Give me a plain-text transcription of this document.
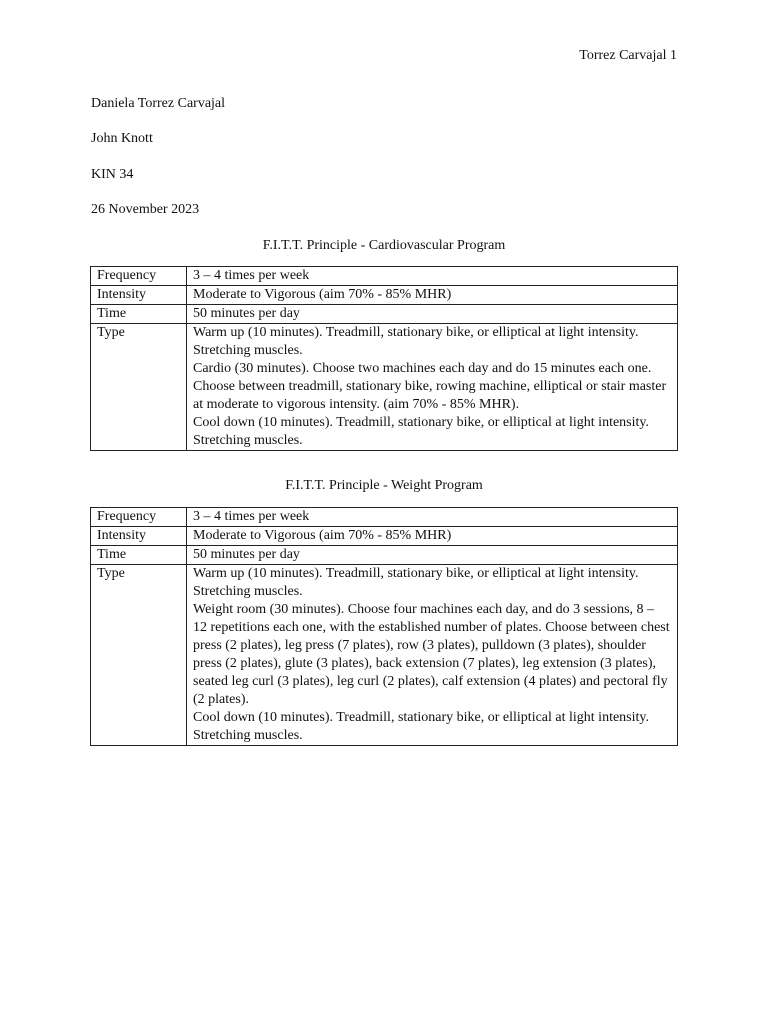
Torrez Carvajal 1
Daniela Torrez Carvajal
John Knott
KIN 34
26 November 2023
F.I.T.T. Principle - Cardiovascular Program
Frequency	3 – 4 times per week
Intensity	Moderate to Vigorous (aim 70% - 85% MHR)
Time	50 minutes per day
Type	Warm up (10 minutes). Treadmill, stationary bike, or elliptical at light intensity. Stretching muscles.
Cardio (30 minutes). Choose two machines each day and do 15 minutes each one. Choose between treadmill, stationary bike, rowing machine, elliptical or stair master at moderate to vigorous intensity. (aim 70% - 85% MHR).
Cool down (10 minutes). Treadmill, stationary bike, or elliptical at light intensity. Stretching muscles.
F.I.T.T. Principle - Weight Program
Frequency	3 – 4 times per week
Intensity	Moderate to Vigorous (aim 70% - 85% MHR)
Time	50 minutes per day
Type	Warm up (10 minutes). Treadmill, stationary bike, or elliptical at light intensity. Stretching muscles.
Weight room (30 minutes). Choose four machines each day, and do 3 sessions, 8 – 12 repetitions each one, with the established number of plates. Choose between chest press (2 plates), leg press (7 plates), row (3 plates), pulldown (3 plates), shoulder press (2 plates), glute (3 plates), back extension (7 plates), leg extension (3 plates), seated leg curl (3 plates), leg curl (2 plates), calf extension (4 plates) and pectoral fly (2 plates).
Cool down (10 minutes). Treadmill, stationary bike, or elliptical at light intensity. Stretching muscles.
